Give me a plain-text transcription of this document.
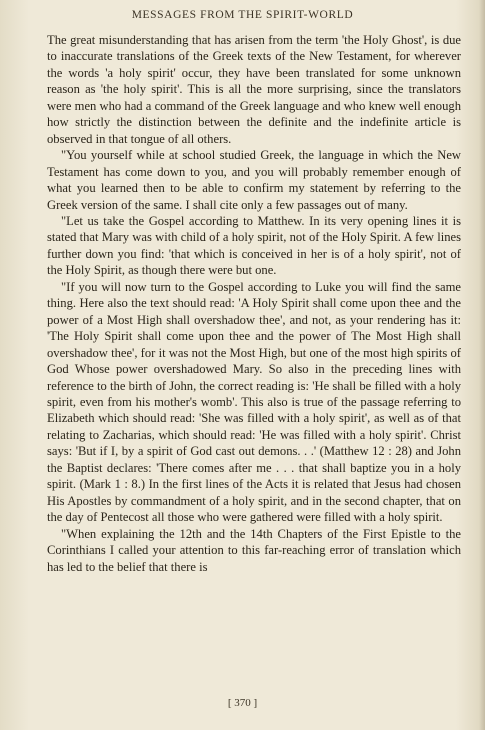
MESSAGES FROM THE SPIRIT-WORLD

The great misunderstanding that has arisen from the term 'the Holy Ghost', is due to inaccurate translations of the Greek texts of the New Testament, for wherever the words 'a holy spirit' occur, they have been translated for some unknown reason as 'the holy spirit'. This is all the more surprising, since the translators were men who had a command of the Greek language and who knew well enough how strictly the distinction between the definite and the indefinite article is observed in that tongue of all others.

"You yourself while at school studied Greek, the language in which the New Testament has come down to you, and you will probably remember enough of what you learned then to be able to confirm my statement by referring to the Greek version of the same. I shall cite only a few passages out of many.

"Let us take the Gospel according to Matthew. In its very opening lines it is stated that Mary was with child of a holy spirit, not of the Holy Spirit. A few lines further down you find: 'that which is conceived in her is of a holy spirit', not of the Holy Spirit, as though there were but one.

"If you will now turn to the Gospel according to Luke you will find the same thing. Here also the text should read: 'A Holy Spirit shall come upon thee and the power of a Most High shall overshadow thee', and not, as your rendering has it: 'The Holy Spirit shall come upon thee and the power of The Most High shall overshadow thee', for it was not the Most High, but one of the most high spirits of God Whose power overshadowed Mary. So also in the preceding lines with reference to the birth of John, the correct reading is: 'He shall be filled with a holy spirit, even from his mother's womb'. This also is true of the passage referring to Elizabeth which should read: 'She was filled with a holy spirit', as well as of that relating to Zacharias, which should read: 'He was filled with a holy spirit'. Christ says: 'But if I, by a spirit of God cast out demons. . .' (Matthew 12 : 28) and John the Baptist declares: 'There comes after me . . . that shall baptize you in a holy spirit. (Mark 1 : 8.) In the first lines of the Acts it is related that Jesus had chosen His Apostles by commandment of a holy spirit, and in the second chapter, that on the day of Pentecost all those who were gathered were filled with a holy spirit.

"When explaining the 12th and the 14th Chapters of the First Epistle to the Corinthians I called your attention to this far-reaching error of translation which has led to the belief that there is

[ 370 ]
